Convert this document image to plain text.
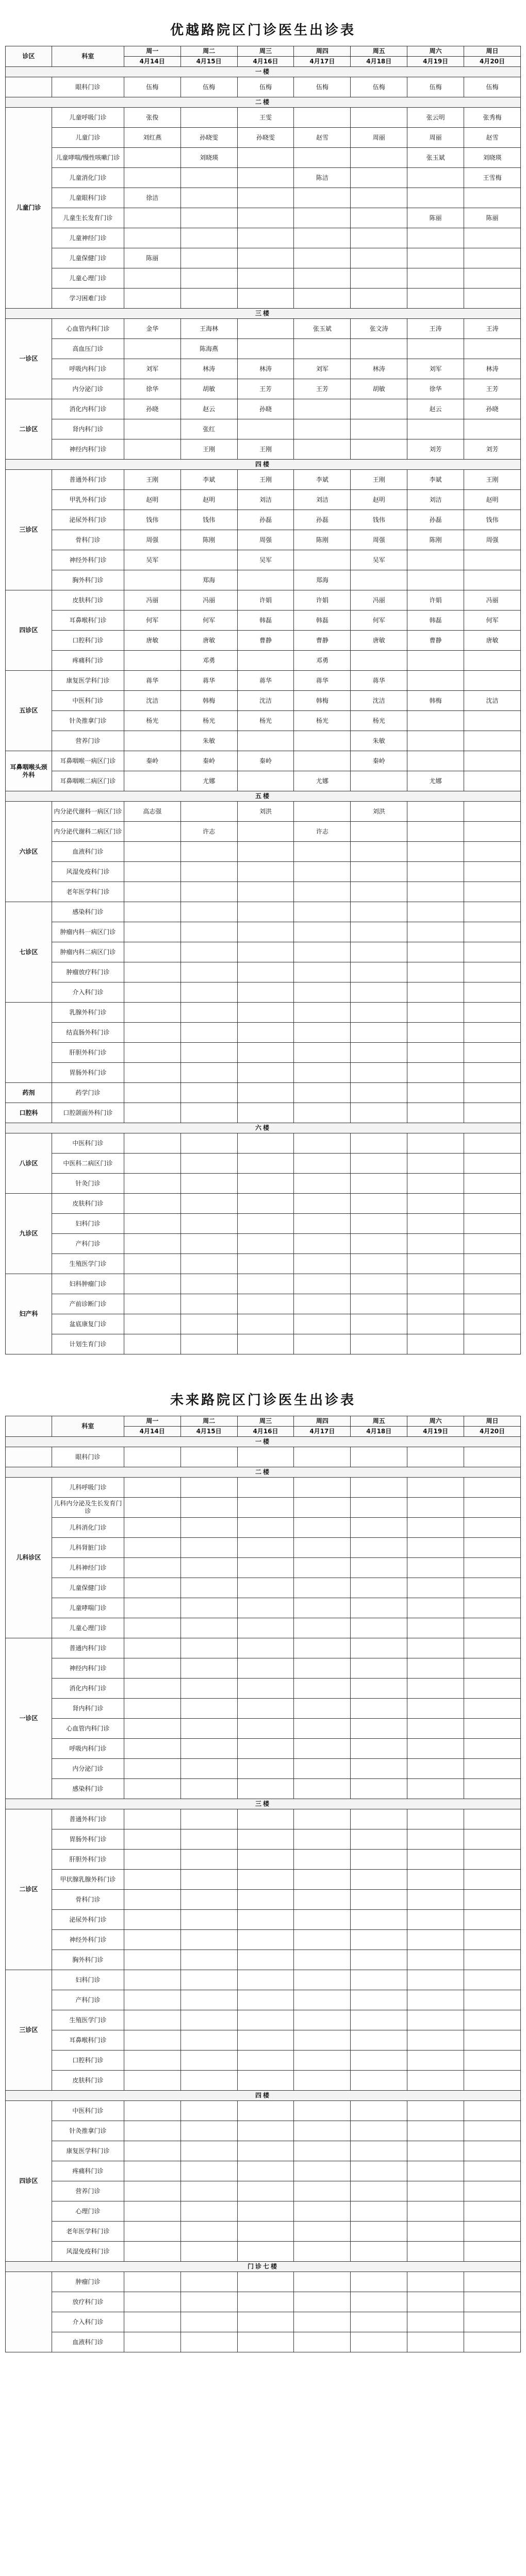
优越路院区门诊医生出诊表
诊区	科室	周一	周二	周三	周四	周五	周六	周日
		4月14日	4月15日	4月16日	4月17日	4月18日	4月19日	4月20日
一楼								
	眼科门诊	伍梅	伍梅	伍梅	伍梅	伍梅	伍梅	伍梅
二楼								
儿童门诊	儿童呼吸门诊	张俊		王雯			张云明	张秀梅
	儿童门诊	刘红燕	孙晓雯	孙晓雯	赵雪	周丽	周丽	赵雪
	儿童哮喘/慢性咳嗽门诊		刘晓瑛				张玉斌	刘晓瑛
	儿童消化门诊				陈洁			王雪梅
	儿童眼科门诊	徐洁						
	儿童生长发育门诊						陈丽	陈丽
	儿童神经门诊							
	儿童保健门诊	陈丽						
	儿童心理门诊							
	学习困难门诊							
三楼								
一诊区	心血管内科门诊	金华	王海林		张玉斌	张文涛	王涛	王涛
	高血压门诊		陈海燕					
	呼吸内科门诊	刘军	林涛	林涛	刘军	林涛	刘军	林涛
	内分泌门诊	徐华	胡敏	王芳	王芳	胡敏	徐华	王芳
二诊区	消化内科门诊	孙晓	赵云	孙晓			赵云	孙晓
	肾内科门诊		张红					
	神经内科门诊		王刚	王刚			刘芳	刘芳
四楼								
三诊区	普通外科门诊	王刚	李斌	王刚	李斌	王刚	李斌	王刚
	甲乳外科门诊	赵明	赵明	刘洁	刘洁	赵明	刘洁	赵明
	泌尿外科门诊	钱伟	钱伟	孙磊	孙磊	钱伟	孙磊	钱伟
	骨科门诊	周强	陈刚	周强	陈刚	周强	陈刚	周强
	神经外科门诊	吴军		吴军		吴军		
	胸外科门诊		郑海		郑海			
四诊区	皮肤科门诊	冯丽	冯丽	许娟	许娟	冯丽	许娟	冯丽
	耳鼻喉科门诊	何军	何军	韩磊	韩磊	何军	韩磊	何军
	口腔科门诊	唐敏	唐敏	曹静	曹静	唐敏	曹静	唐敏
	疼痛科门诊		邓勇		邓勇			
五诊区	康复医学科门诊	蒋华	蒋华	蒋华	蒋华	蒋华		
	中医科门诊	沈洁	韩梅	沈洁	韩梅	沈洁	韩梅	沈洁
	针灸推拿门诊	杨光	杨光	杨光	杨光	杨光		
	营养门诊		朱敏			朱敏		
耳鼻咽喉头颈外科	耳鼻咽喉一病区门诊	秦岭	秦岭	秦岭		秦岭		
	耳鼻咽喉二病区门诊		尤娜		尤娜		尤娜	
五楼								
六诊区	内分泌代谢科一病区门诊	高志强		刘洪		刘洪		
	内分泌代谢科二病区门诊		许志		许志			
	血液科门诊							
	风湿免疫科门诊							
	老年医学科门诊							
七诊区	感染科门诊							
	肿瘤内科一病区门诊							
	肿瘤内科二病区门诊							
	肿瘤放疗科门诊							
	介入科门诊							
	乳腺外科门诊							
	结直肠外科门诊							
	肝胆外科门诊							
	胃肠外科门诊							
药剂	药学门诊							
口腔科	口腔颌面外科门诊							
六楼								
八诊区	中医科门诊							
	中医科二病区门诊							
	针灸门诊							
九诊区	皮肤科门诊							
	妇科门诊							
	产科门诊							
	生殖医学门诊							
妇产科	妇科肿瘤门诊							
	产前诊断门诊							
	盆底康复门诊							
	计划生育门诊							
未来路院区门诊医生出诊表
	科室	周一	周二	周三	周四	周五	周六	周日
		4月14日	4月15日	4月16日	4月17日	4月18日	4月19日	4月20日
一楼								
	眼科门诊							
二楼								
儿科诊区	儿科呼吸门诊							
	儿科内分泌及生长发育门诊							
	儿科消化门诊							
	儿科肾脏门诊							
	儿科神经门诊							
	儿童保健门诊							
	儿童哮喘门诊							
	儿童心理门诊							
一诊区	普通内科门诊							
	神经内科门诊							
	消化内科门诊							
	肾内科门诊							
	心血管内科门诊							
	呼吸内科门诊							
	内分泌门诊							
	感染科门诊							
三楼								
二诊区	普通外科门诊							
	胃肠外科门诊							
	肝胆外科门诊							
	甲状腺乳腺外科门诊							
	骨科门诊							
	泌尿外科门诊							
	神经外科门诊							
	胸外科门诊							
三诊区	妇科门诊							
	产科门诊							
	生殖医学门诊							
	耳鼻喉科门诊							
	口腔科门诊							
	皮肤科门诊							
四楼								
四诊区	中医科门诊							
	针灸推拿门诊							
	康复医学科门诊							
	疼痛科门诊							
	营养门诊							
	心理门诊							
	老年医学科门诊							
	风湿免疫科门诊							
门诊七楼								
	肿瘤门诊							
	放疗科门诊							
	介入科门诊							
	血液科门诊							
